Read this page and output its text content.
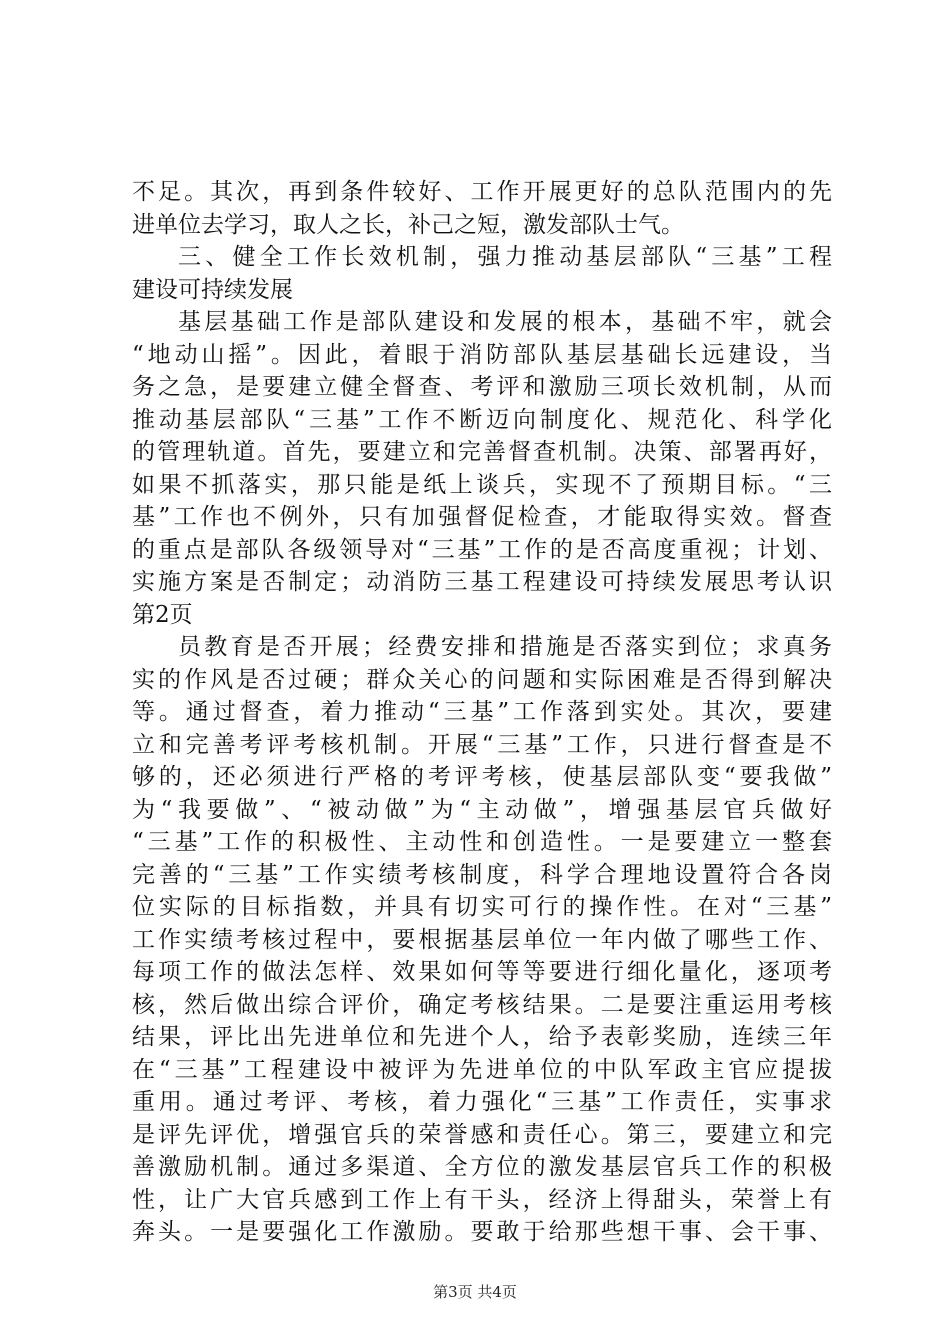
不足。其次，再到条件较好、工作开展更好的总队范围内的先
进单位去学习，取人之长，补己之短，激发部队士气。
三、健全工作长效机制，强力推动基层部队“三基”工程
建设可持续发展
基层基础工作是部队建设和发展的根本，基础不牢，就会
“地动山摇”。因此，着眼于消防部队基层基础长远建设，当
务之急，是要建立健全督查、考评和激励三项长效机制，从而
推动基层部队“三基”工作不断迈向制度化、规范化、科学化
的管理轨道。首先，要建立和完善督查机制。决策、部署再好，
如果不抓落实，那只能是纸上谈兵，实现不了预期目标。“三
基”工作也不例外，只有加强督促检查，才能取得实效。督查
的重点是部队各级领导对“三基”工作的是否高度重视；计划、
实施方案是否制定；动消防三基工程建设可持续发展思考认识
第2页
员教育是否开展；经费安排和措施是否落实到位；求真务
实的作风是否过硬；群众关心的问题和实际困难是否得到解决
等。通过督查，着力推动“三基”工作落到实处。其次，要建
立和完善考评考核机制。开展“三基”工作，只进行督查是不
够的，还必须进行严格的考评考核，使基层部队变“要我做”
为“我要做”、“被动做”为“主动做”，增强基层官兵做好
“三基”工作的积极性、主动性和创造性。一是要建立一整套
完善的“三基”工作实绩考核制度，科学合理地设置符合各岗
位实际的目标指数，并具有切实可行的操作性。在对“三基”
工作实绩考核过程中，要根据基层单位一年内做了哪些工作、
每项工作的做法怎样、效果如何等等要进行细化量化，逐项考
核，然后做出综合评价，确定考核结果。二是要注重运用考核
结果，评比出先进单位和先进个人，给予表彰奖励，连续三年
在“三基”工程建设中被评为先进单位的中队军政主官应提拔
重用。通过考评、考核，着力强化“三基”工作责任，实事求
是评先评优，增强官兵的荣誉感和责任心。第三，要建立和完
善激励机制。通过多渠道、全方位的激发基层官兵工作的积极
性，让广大官兵感到工作上有干头，经济上得甜头，荣誉上有
奔头。一是要强化工作激励。要敢于给那些想干事、会干事、
第3页 共4页
